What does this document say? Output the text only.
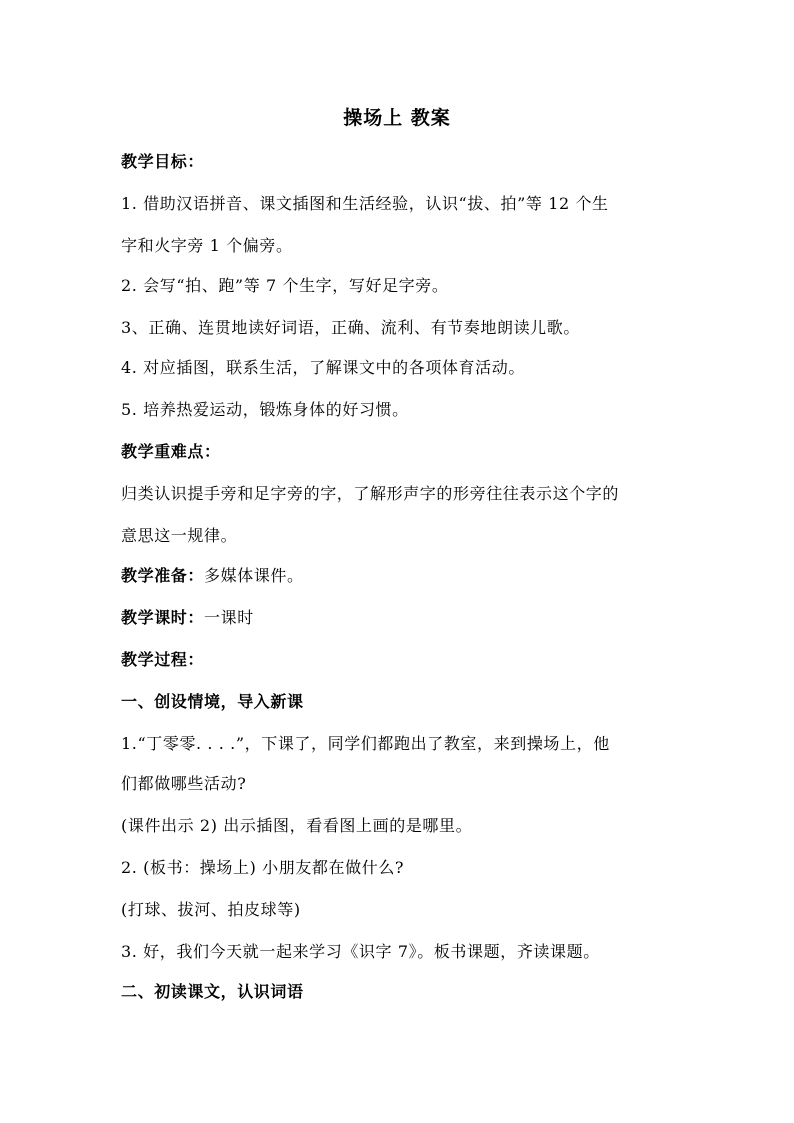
操场上 教案
教学目标：
1. 借助汉语拼音、课文插图和生活经验，认识“拔、拍”等 12 个生
字和火字旁 1 个偏旁。
2. 会写“拍、跑”等 7 个生字，写好足字旁。
3、正确、连贯地读好词语，正确、流利、有节奏地朗读儿歌。
4. 对应插图，联系生活，了解课文中的各项体育活动。
5. 培养热爱运动，锻炼身体的好习惯。
教学重难点：
归类认识提手旁和足字旁的字，了解形声字的形旁往往表示这个字的
意思这一规律。
教学准备：多媒体课件。
教学课时：一课时
教学过程：
一、创设情境，导入新课
1.“丁零零. . . .”，下课了，同学们都跑出了教室，来到操场上，他
们都做哪些活动?
(课件出示 2) 出示插图，看看图上画的是哪里。
2. (板书：操场上) 小朋友都在做什么?
(打球、拔河、拍皮球等)
3. 好，我们今天就一起来学习《识字 7》。板书课题，齐读课题。
二、初读课文，认识词语
